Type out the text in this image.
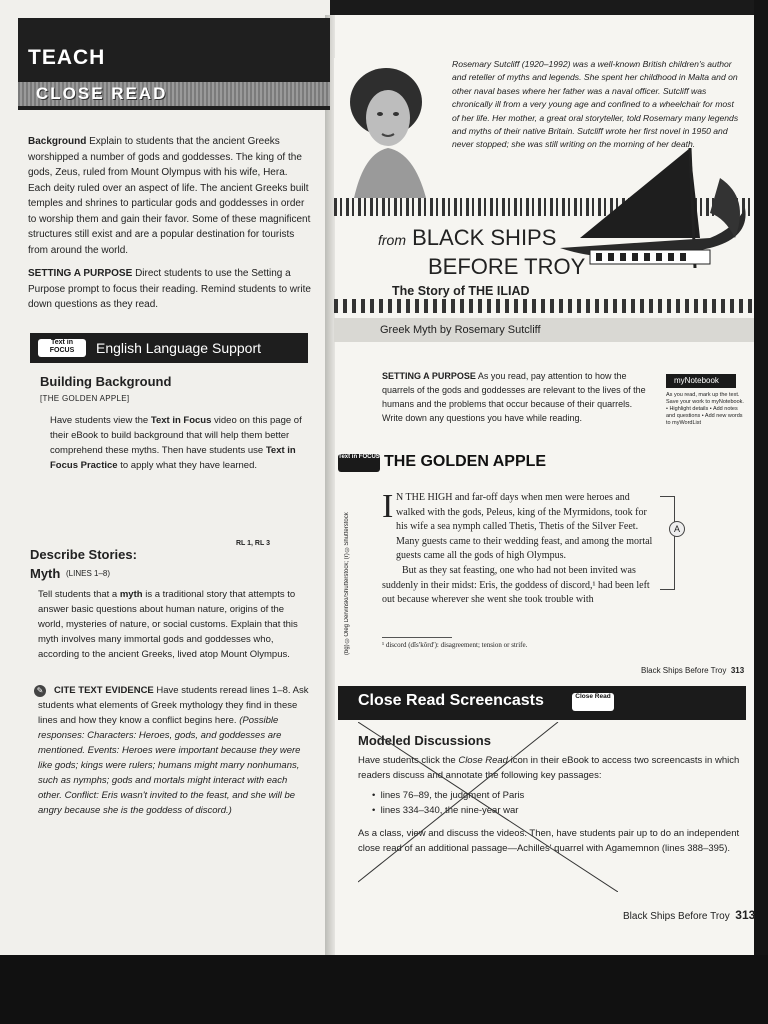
TEACH
CLOSE READ
Background Explain to students that the ancient Greeks worshipped a number of gods and goddesses. The king of the gods, Zeus, ruled from Mount Olympus with his wife, Hera. Each deity ruled over an aspect of life. The ancient Greeks built temples and shrines to particular gods and goddesses in order to worship them and gain their favor. Some of these magnificent structures still exist and are a popular destination for tourists from around the world.
SETTING A PURPOSE Direct students to use the Setting a Purpose prompt to focus their reading. Remind students to write down questions as they read.
Text in FOCUS	English Language Support
Building Background
[THE GOLDEN APPLE]
Have students view the Text in Focus video on this page of their eBook to build background that will help them better comprehend these myths. Then have students use Text in Focus Practice to apply what they have learned.
RL 1, RL 3
Describe Stories:
Myth (LINES 1–8)
Tell students that a myth is a traditional story that attempts to answer basic questions about human nature, origins of the world, mysteries of nature, or social customs. Explain that this myth involves many immortal gods and goddesses who, according to the ancient Greeks, lived atop Mount Olympus.
✎	CITE TEXT EVIDENCE Have students reread lines 1–8. Ask students what elements of Greek mythology they find in these lines and how they know a conflict begins here. (Possible responses: Characters: Heroes, gods, and goddesses are mentioned. Events: Heroes were important because they were like gods; kings were rulers; humans might marry nonhumans, such as nymphs; gods and mortals might interact with each other. Conflict: Eris wasn't invited to the feast, and she will be angry because she is the goddess of discord.)
Rosemary Sutcliff (1920–1992) was a well-known British children's author and reteller of myths and legends. She spent her childhood in Malta and on other naval bases where her father was a naval officer. Sutcliff was chronically ill from a very young age and confined to a wheelchair for most of her life. Her mother, a great oral storyteller, told Rosemary many legends and myths of their native Britain. Sutcliff wrote her first novel in 1950 and never stopped; she was still writing on the morning of her death.
from BLACK SHIPS
BEFORE TROY
The Story of THE ILIAD
Greek Myth by Rosemary Sutcliff
SETTING A PURPOSE As you read, pay attention to how the quarrels of the gods and goddesses are relevant to the lives of the humans and the problems that occur because of their quarrels. Write down any questions you have while reading.
myNotebook
As you read, mark up the text. Save your work to myNotebook. • Highlight details • Add notes and questions • Add new words to myWordList
Text in FOCUS THE GOLDEN APPLE
(bg) ©Oleg Dervinski/Shutterstock; (r) ©Shutterstock
I N THE HIGH and far-off days when men were heroes and walked with the gods, Peleus, king of the Myrmidons, took for his wife a sea nymph called Thetis, Thetis of the Silver Feet. Many guests came to their wedding feast, and among the mortal guests came all the gods of high Olympus.
But as they sat feasting, one who had not been invited was suddenly in their midst: Eris, the goddess of discord,¹ had been left out because wherever she went she took trouble with
A
¹ discord (dĭs′kôrd′): disagreement; tension or strife.
Black Ships Before Troy 313
Close Read Screencasts	Close Read
Modeled Discussions
Have students click the Close Read icon in their eBook to access two screencasts in which readers discuss and annotate the following key passages:
•  lines 76–89, the judgment of Paris
•  lines 334–340, the nine-year war
As a class, view and discuss the videos. Then, have students pair up to do an independent close read of an additional passage—Achilles' quarrel with Agamemnon (lines 388–395).
Black Ships Before Troy 313
